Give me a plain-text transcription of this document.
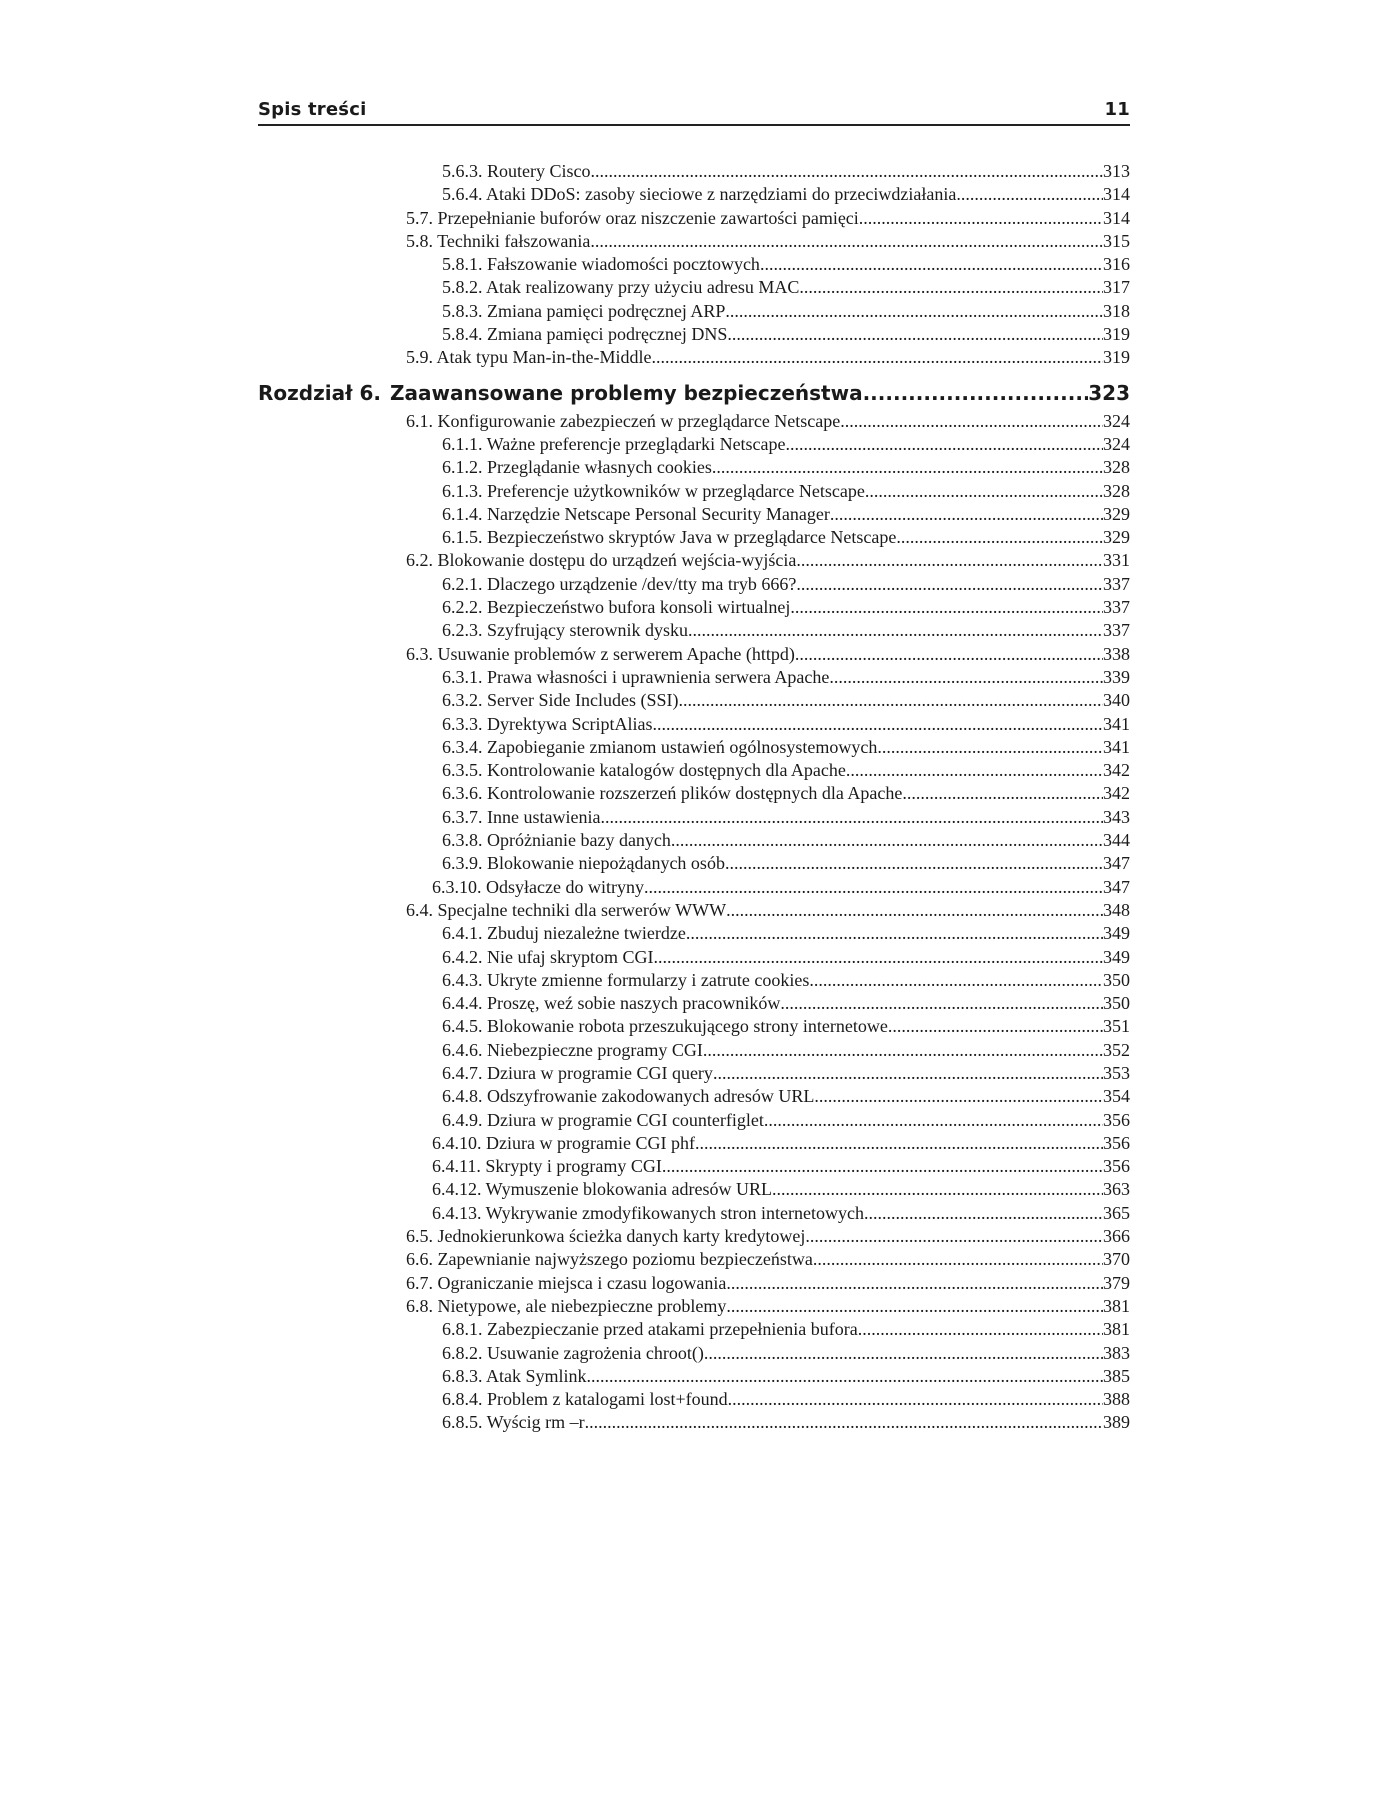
Spis treści	11
5.6.3. Routery Cisco .....	313
5.6.4. Ataki DDoS: zasoby sieciowe z narzędziami do przeciwdziałania .....	314
5.7. Przepełnianie buforów oraz niszczenie zawartości pamięci .....	314
5.8. Techniki fałszowania .....	315
5.8.1. Fałszowanie wiadomości pocztowych .....	316
5.8.2. Atak realizowany przy użyciu adresu MAC .....	317
5.8.3. Zmiana pamięci podręcznej ARP .....	318
5.8.4. Zmiana pamięci podręcznej DNS .....	319
5.9. Atak typu Man-in-the-Middle .....	319
Rozdział 6. Zaawansowane problemy bezpieczeństwa .....	323
6.1. Konfigurowanie zabezpieczeń w przeglądarce Netscape .....	324
6.1.1. Ważne preferencje przeglądarki Netscape .....	324
6.1.2. Przeglądanie własnych cookies .....	328
6.1.3. Preferencje użytkowników w przeglądarce Netscape .....	328
6.1.4. Narzędzie Netscape Personal Security Manager .....	329
6.1.5. Bezpieczeństwo skryptów Java w przeglądarce Netscape .....	329
6.2. Blokowanie dostępu do urządzeń wejścia-wyjścia .....	331
6.2.1. Dlaczego urządzenie /dev/tty ma tryb 666? .....	337
6.2.2. Bezpieczeństwo bufora konsoli wirtualnej .....	337
6.2.3. Szyfrujący sterownik dysku .....	337
6.3. Usuwanie problemów z serwerem Apache (httpd) .....	338
6.3.1. Prawa własności i uprawnienia serwera Apache .....	339
6.3.2. Server Side Includes (SSI) .....	340
6.3.3. Dyrektywa ScriptAlias .....	341
6.3.4. Zapobieganie zmianom ustawień ogólnosystemowych .....	341
6.3.5. Kontrolowanie katalogów dostępnych dla Apache .....	342
6.3.6. Kontrolowanie rozszerzeń plików dostępnych dla Apache .....	342
6.3.7. Inne ustawienia .....	343
6.3.8. Opróżnianie bazy danych .....	344
6.3.9. Blokowanie niepożądanych osób .....	347
6.3.10. Odsyłacze do witryny .....	347
6.4. Specjalne techniki dla serwerów WWW .....	348
6.4.1. Zbuduj niezależne twierdze .....	349
6.4.2. Nie ufaj skryptom CGI .....	349
6.4.3. Ukryte zmienne formularzy i zatrute cookies .....	350
6.4.4. Proszę, weź sobie naszych pracowników .....	350
6.4.5. Blokowanie robota przeszukującego strony internetowe .....	351
6.4.6. Niebezpieczne programy CGI .....	352
6.4.7. Dziura w programie CGI query .....	353
6.4.8. Odszyfrowanie zakodowanych adresów URL .....	354
6.4.9. Dziura w programie CGI counterfiglet .....	356
6.4.10. Dziura w programie CGI phf .....	356
6.4.11. Skrypty i programy CGI .....	356
6.4.12. Wymuszenie blokowania adresów URL .....	363
6.4.13. Wykrywanie zmodyfikowanych stron internetowych .....	365
6.5. Jednokierunkowa ścieżka danych karty kredytowej .....	366
6.6. Zapewnianie najwyższego poziomu bezpieczeństwa .....	370
6.7. Ograniczanie miejsca i czasu logowania .....	379
6.8. Nietypowe, ale niebezpieczne problemy .....	381
6.8.1. Zabezpieczanie przed atakami przepełnienia bufora .....	381
6.8.2. Usuwanie zagrożenia chroot() .....	383
6.8.3. Atak Symlink .....	385
6.8.4. Problem z katalogami lost+found .....	388
6.8.5. Wyścig rm –r .....	389
